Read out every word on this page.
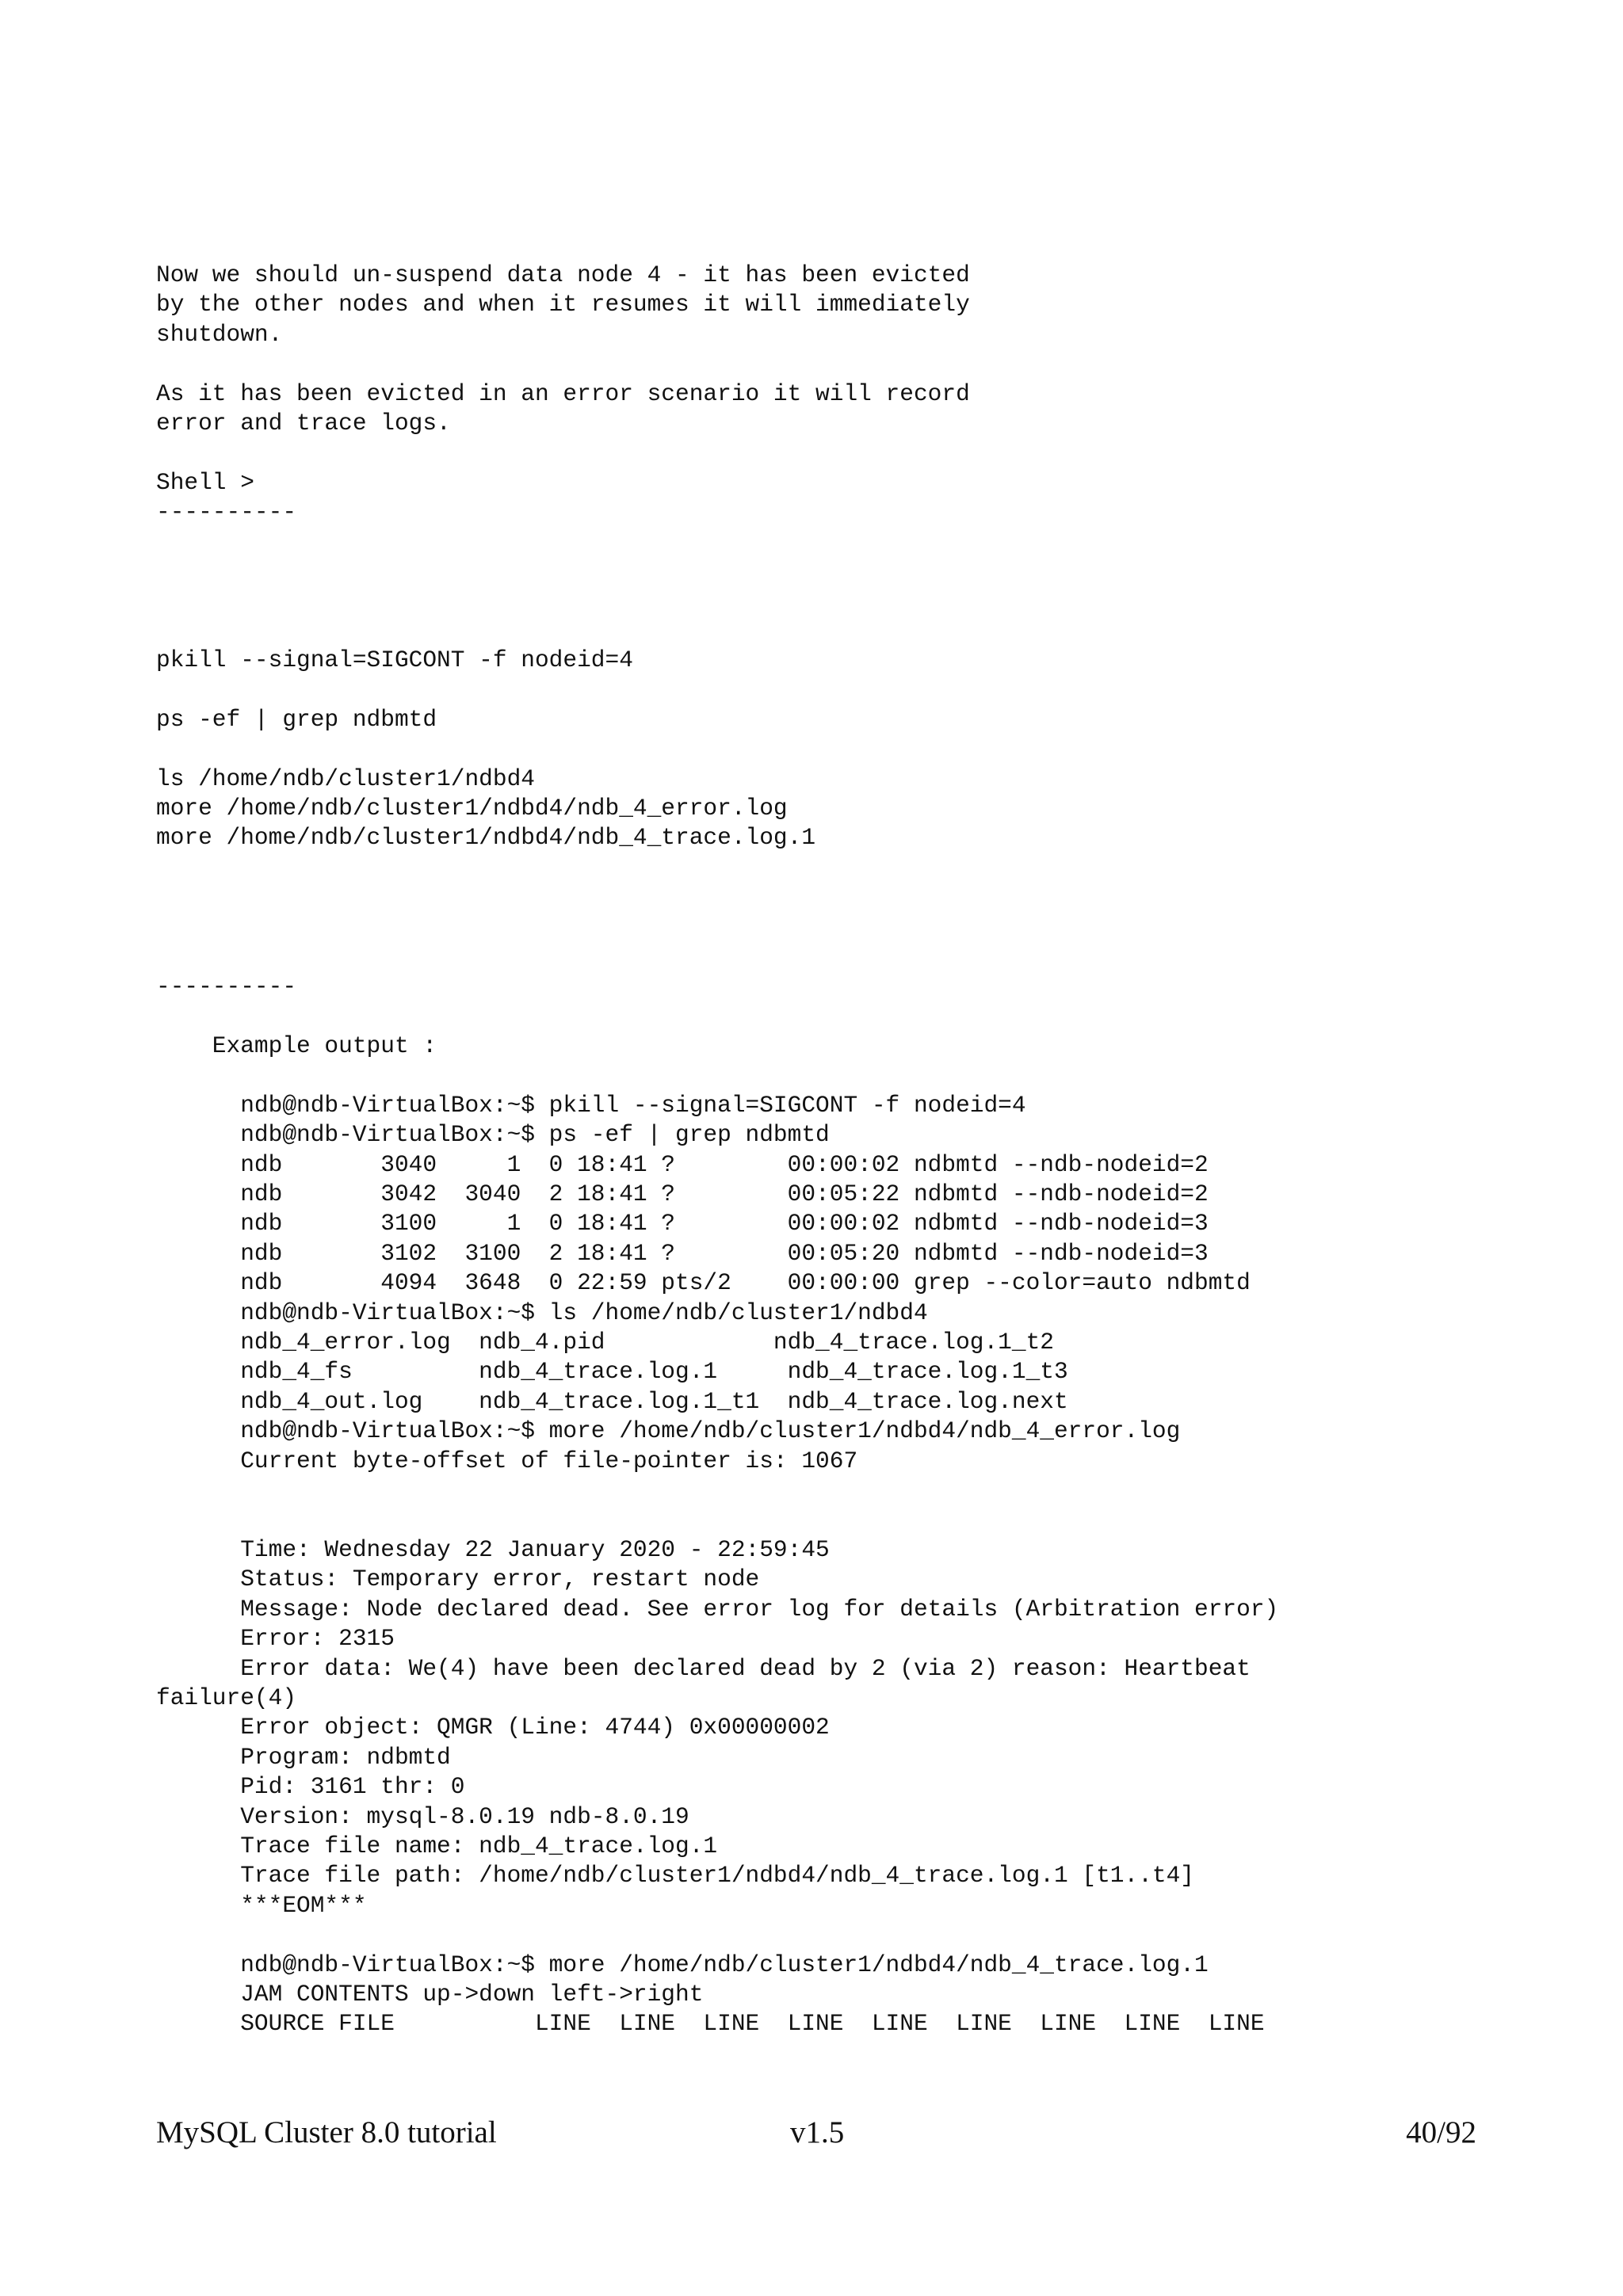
Now we should un-suspend data node 4 - it has been evicted
by the other nodes and when it resumes it will immediately
shutdown.

As it has been evicted in an error scenario it will record
error and trace logs.
Shell >
----------
pkill --signal=SIGCONT -f nodeid=4

ps -ef | grep ndbmtd

ls /home/ndb/cluster1/ndbd4
more /home/ndb/cluster1/ndbd4/ndb_4_error.log
more /home/ndb/cluster1/ndbd4/ndb_4_trace.log.1
----------
Example output :

ndb@ndb-VirtualBox:~$ pkill --signal=SIGCONT -f nodeid=4
ndb@ndb-VirtualBox:~$ ps -ef | grep ndbmtd
ndb       3040     1  0 18:41 ?        00:00:02 ndbmtd --ndb-nodeid=2
ndb       3042  3040  2 18:41 ?        00:05:22 ndbmtd --ndb-nodeid=2
ndb       3100     1  0 18:41 ?        00:00:02 ndbmtd --ndb-nodeid=3
ndb       3102  3100  2 18:41 ?        00:05:20 ndbmtd --ndb-nodeid=3
ndb       4094  3648  0 22:59 pts/2    00:00:00 grep --color=auto ndbmtd
ndb@ndb-VirtualBox:~$ ls /home/ndb/cluster1/ndbd4
ndb_4_error.log  ndb_4.pid            ndb_4_trace.log.1_t2
ndb_4_fs         ndb_4_trace.log.1     ndb_4_trace.log.1_t3
ndb_4_out.log    ndb_4_trace.log.1_t1  ndb_4_trace.log.next
ndb@ndb-VirtualBox:~$ more /home/ndb/cluster1/ndbd4/ndb_4_error.log
Current byte-offset of file-pointer is: 1067

Time: Wednesday 22 January 2020 - 22:59:45
Status: Temporary error, restart node
Message: Node declared dead. See error log for details (Arbitration error)
Error: 2315
Error data: We(4) have been declared dead by 2 (via 2) reason: Heartbeat
failure(4)
Error object: QMGR (Line: 4744) 0x00000002
Program: ndbmtd
Pid: 3161 thr: 0
Version: mysql-8.0.19 ndb-8.0.19
Trace file name: ndb_4_trace.log.1
Trace file path: /home/ndb/cluster1/ndbd4/ndb_4_trace.log.1 [t1..t4]
***EOM***

ndb@ndb-VirtualBox:~$ more /home/ndb/cluster1/ndbd4/ndb_4_trace.log.1
JAM CONTENTS up->down left->right
SOURCE FILE          LINE  LINE  LINE  LINE  LINE  LINE  LINE  LINE  LINE
MySQL Cluster 8.0 tutorial	v1.5	40/92
